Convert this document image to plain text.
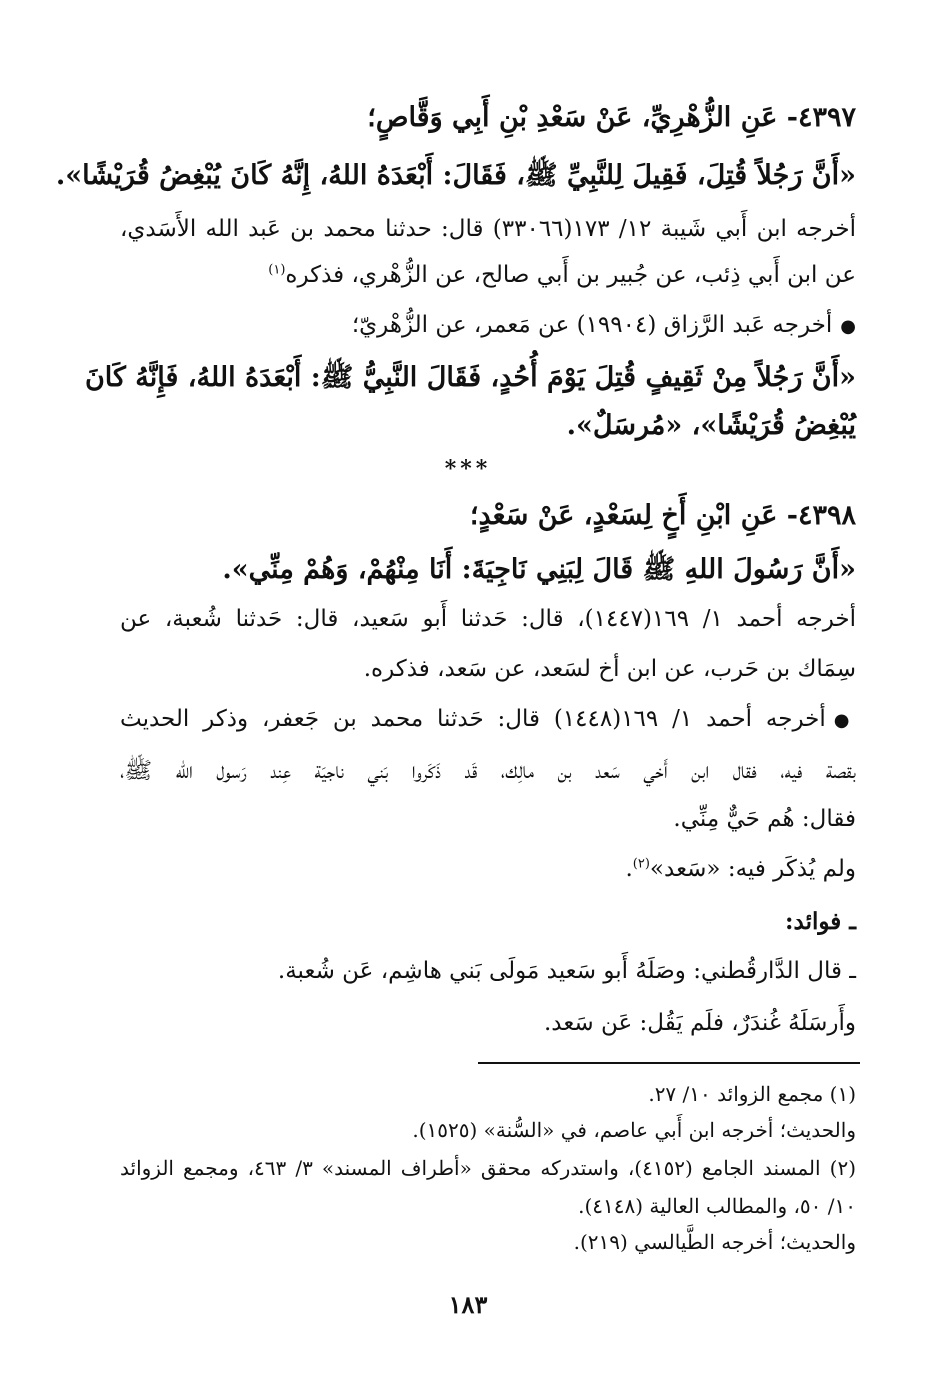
٤٣٩٧- عَنِ الزُّهْرِيِّ، عَنْ سَعْدِ بْنِ أَبِي وَقَّاصٍ؛
«أَنَّ رَجُلاً قُتِلَ، فَقِيلَ لِلنَّبِيِّ ﷺ، فَقَالَ: أَبْعَدَهُ اللهُ، إِنَّهُ كَانَ يُبْغِضُ قُرَيْشًا».
أخرجه ابن أَبي شَيبة ١٢/ ١٧٣(٣٣٠٦٦) قال: حدثنا محمد بن عَبد الله الأَسَدي،
عن ابن أَبي ذِئب، عن جُبير بن أَبي صالح، عن الزُّهْري، فذكره$^{(١)}$
●أخرجه عَبد الرَّزاق (١٩٩٠٤) عن مَعمر، عن الزُّهْريّ؛
«أَنَّ رَجُلاً مِنْ ثَقِيفٍ قُتِلَ يَوْمَ أُحُدٍ، فَقَالَ النَّبِيُّ ﷺ: أَبْعَدَهُ اللهُ، فَإِنَّهُ كَانَ
يُبْغِضُ قُرَيْشًا»، «مُرسَلٌ».
***
٤٣٩٨- عَنِ ابْنِ أَخٍ لِسَعْدٍ، عَنْ سَعْدٍ؛
«أَنَّ رَسُولَ اللهِ ﷺ قَالَ لِبَنِي نَاجِيَةَ: أَنَا مِنْهُمْ، وَهُمْ مِنِّي».
أخرجه أحمد ١/ ١٦٩(١٤٤٧)، قال: حَدثنا أَبو سَعيد، قال: حَدثنا شُعبة، عن
سِمَاك بن حَرب، عن ابن أخ لسَعد، عن سَعد، فذكره.
●أخرجه أحمد ١/ ١٦٩(١٤٤٨) قال: حَدثنا محمد بن جَعفر، وذكر الحديث
بقصة فيه، فقال ابن أَخي سَعد بن مالِك، قَد ذَكَروا بَني ناجيَة عِند رَسول الله ﷺ،
فقال: هُم حَيٌّ مِنِّي.
ولم يُذكَر فيه: «سَعد»$^{(٢)}$.
ـ فوائد:
ـ قال الدَّارقُطني: وصَلَهُ أَبو سَعيد مَولَى بَني هاشِم، عَن شُعبة.
وأَرسَلَهُ غُندَرٌ، فلَم يَقُل: عَن سَعد.
(١) مجمع الزوائد ١٠/ ٢٧.
والحديث؛ أخرجه ابن أَبي عاصم، في «السُّنة» (١٥٢٥).
(٢) المسند الجامع (٤١٥٢)، واستدركه محقق «أطراف المسند» ٣/ ٤٦٣، ومجمع الزوائد
١٠/ ٥٠، والمطالب العالية (٤١٤٨).
والحديث؛ أخرجه الطَّيالسي (٢١٩).
١٨٣
